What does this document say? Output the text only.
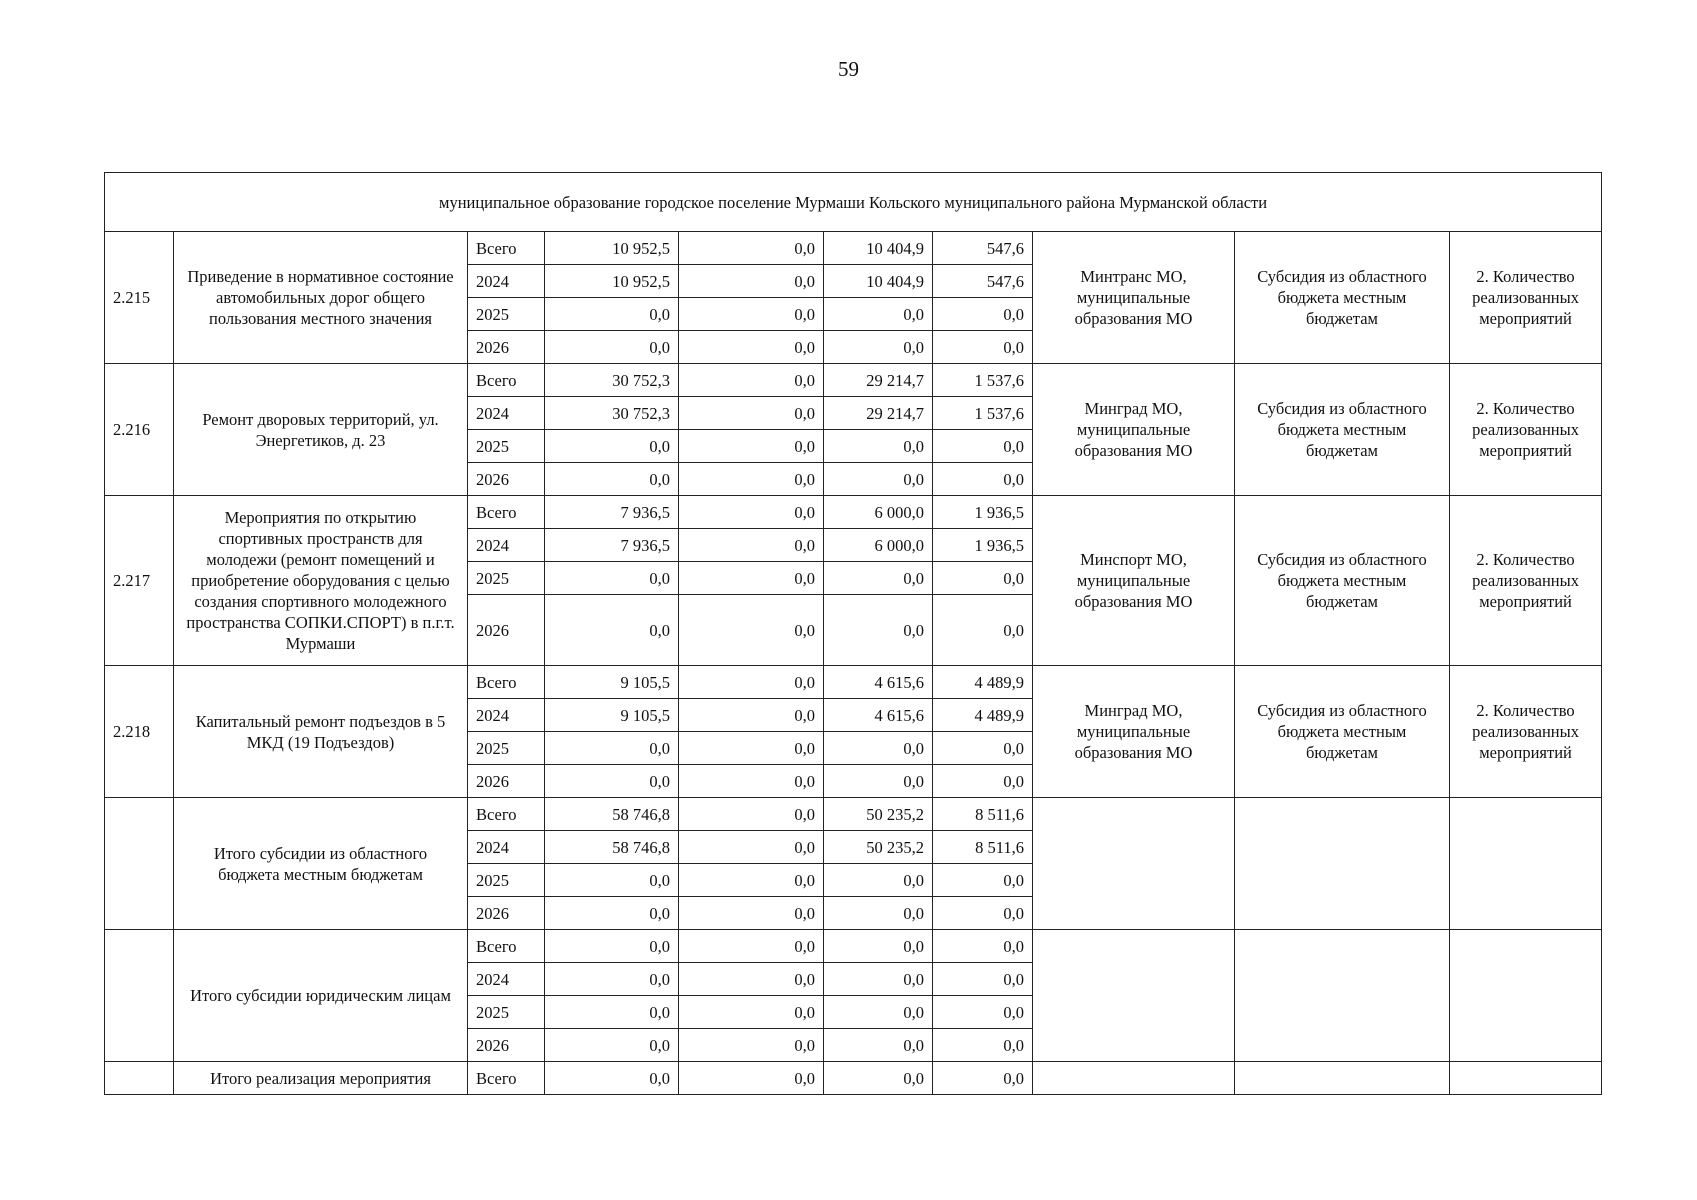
59
муниципальное образование городское поселение Мурмаши Кольского муниципального района Мурманской области									
2.215	Приведение в нормативное состояние автомобильных дорог общего пользования местного значения	Всего	10 952,5	0,0	10 404,9	547,6	Минтранс МО, муниципальные образования МО	Субсидия из областного бюджета местным бюджетам	2. Количество реализованных мероприятий
		2024	10 952,5	0,0	10 404,9	547,6			
		2025	0,0	0,0	0,0	0,0			
		2026	0,0	0,0	0,0	0,0			
2.216	Ремонт дворовых территорий, ул. Энергетиков, д. 23	Всего	30 752,3	0,0	29 214,7	1 537,6	Минград МО, муниципальные образования МО	Субсидия из областного бюджета местным бюджетам	2. Количество реализованных мероприятий
		2024	30 752,3	0,0	29 214,7	1 537,6			
		2025	0,0	0,0	0,0	0,0			
		2026	0,0	0,0	0,0	0,0			
2.217	Мероприятия по открытию спортивных пространств для молодежи (ремонт помещений и приобретение оборудования с целью создания спортивного молодежного пространства СОПКИ.СПОРТ) в п.г.т. Мурмаши	Всего	7 936,5	0,0	6 000,0	1 936,5	Минспорт МО, муниципальные образования МО	Субсидия из областного бюджета местным бюджетам	2. Количество реализованных мероприятий
		2024	7 936,5	0,0	6 000,0	1 936,5			
		2025	0,0	0,0	0,0	0,0			
		2026	0,0	0,0	0,0	0,0			
2.218	Капитальный ремонт подъездов в 5 МКД (19 Подъездов)	Всего	9 105,5	0,0	4 615,6	4 489,9	Минград МО, муниципальные образования МО	Субсидия из областного бюджета местным бюджетам	2. Количество реализованных мероприятий
		2024	9 105,5	0,0	4 615,6	4 489,9			
		2025	0,0	0,0	0,0	0,0			
		2026	0,0	0,0	0,0	0,0			
	Итого субсидии из областного бюджета местным бюджетам	Всего	58 746,8	0,0	50 235,2	8 511,6			
		2024	58 746,8	0,0	50 235,2	8 511,6			
		2025	0,0	0,0	0,0	0,0			
		2026	0,0	0,0	0,0	0,0			
	Итого субсидии юридическим лицам	Всего	0,0	0,0	0,0	0,0			
		2024	0,0	0,0	0,0	0,0			
		2025	0,0	0,0	0,0	0,0			
		2026	0,0	0,0	0,0	0,0			
	Итого реализация мероприятия	Всего	0,0	0,0	0,0	0,0			
